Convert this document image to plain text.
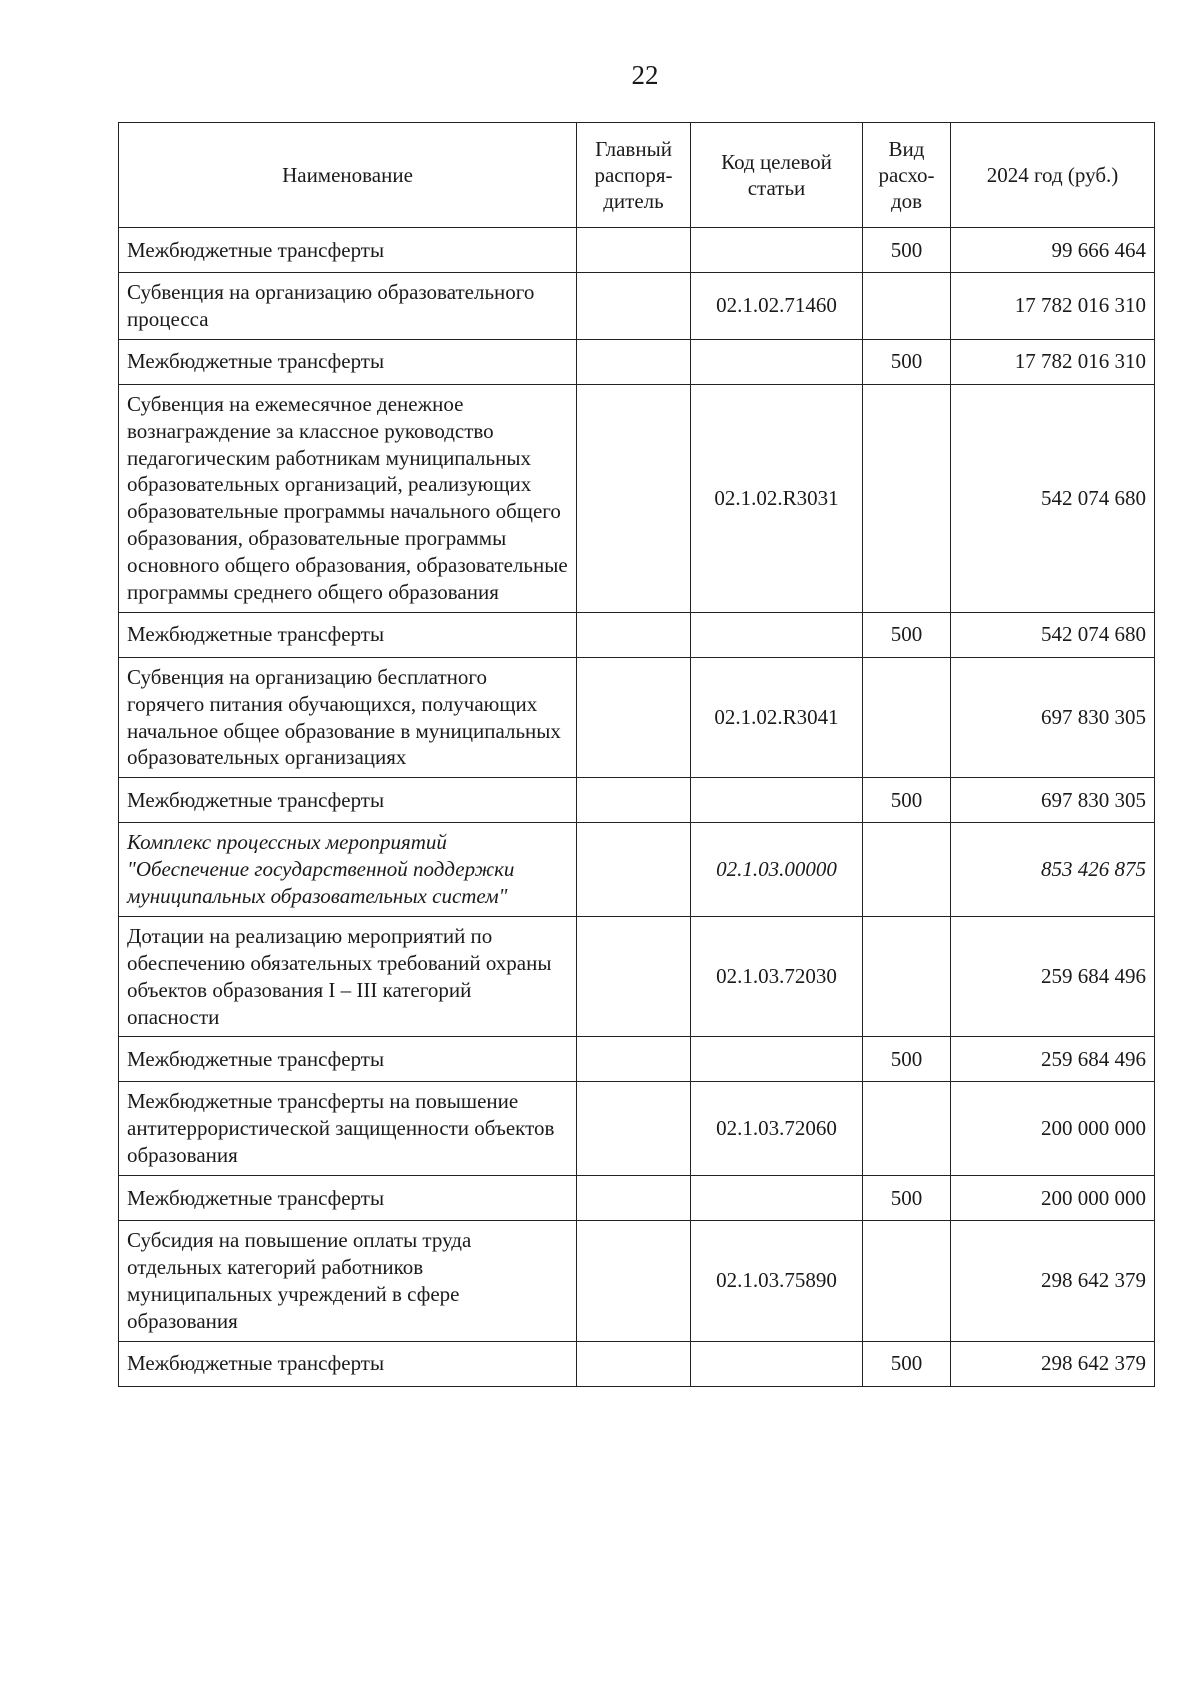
22
Наименование	Главный распоря-дитель	Код целевой статьи	Вид расхо-дов	2024 год (руб.)
Межбюджетные трансферты			500	99 666 464
Субвенция на организацию образовательного процесса		02.1.02.71460		17 782 016 310
Межбюджетные трансферты			500	17 782 016 310
Субвенция на ежемесячное денежное вознаграждение за классное руководство педагогическим работникам муниципальных образовательных организаций, реализующих образовательные программы начального общего образования, образовательные программы основного общего образования, образовательные программы среднего общего образования		02.1.02.R3031		542 074 680
Межбюджетные трансферты			500	542 074 680
Субвенция на организацию бесплатного горячего питания обучающихся, получающих начальное общее образование в муниципальных образовательных организациях		02.1.02.R3041		697 830 305
Межбюджетные трансферты			500	697 830 305
Комплекс процессных мероприятий "Обеспечение государственной поддержки муниципальных образовательных систем"		02.1.03.00000		853 426 875
Дотации на реализацию мероприятий по обеспечению обязательных требований охраны объектов образования I – III категорий опасности		02.1.03.72030		259 684 496
Межбюджетные трансферты			500	259 684 496
Межбюджетные трансферты на повышение антитеррористической защищенности объектов образования		02.1.03.72060		200 000 000
Межбюджетные трансферты			500	200 000 000
Субсидия на повышение оплаты труда отдельных категорий работников муниципальных учреждений в сфере образования		02.1.03.75890		298 642 379
Межбюджетные трансферты			500	298 642 379
